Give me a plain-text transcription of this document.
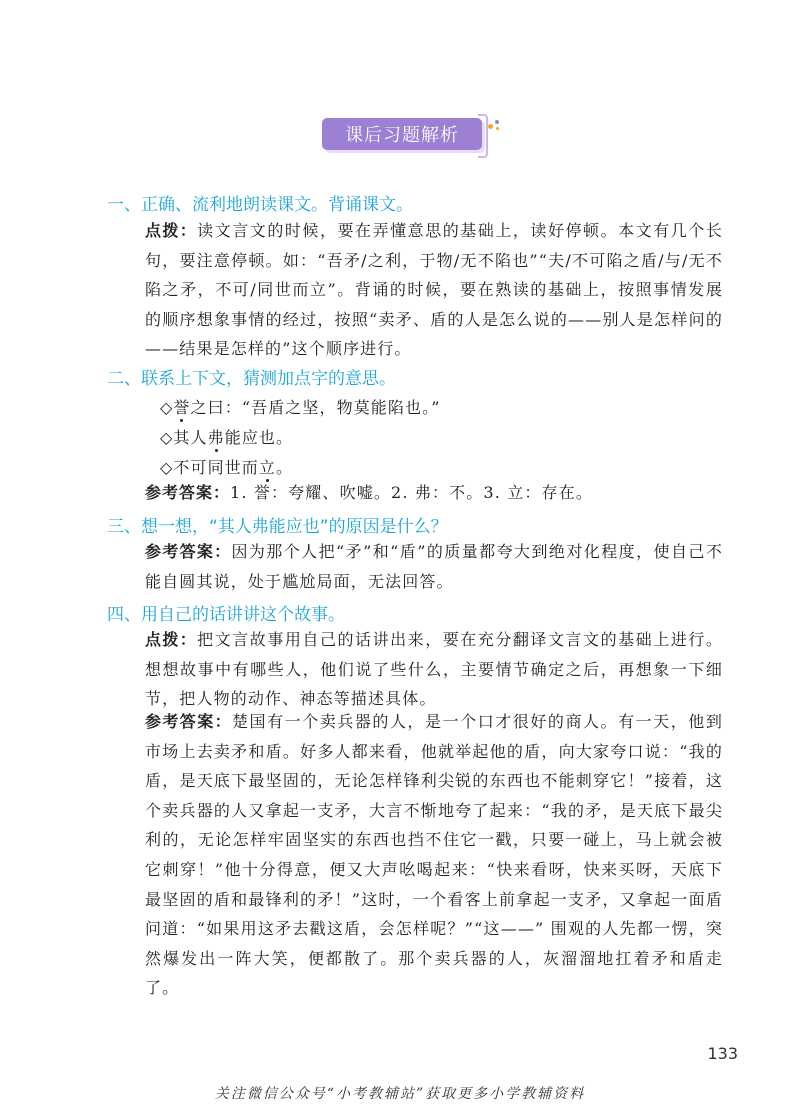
课后习题解析
一、正确、流利地朗读课文。背诵课文。

点拨：读文言文的时候，要在弄懂意思的基础上，读好停顿。本文有几个长句，要注意停顿。如：“吾矛/之利，于物/无不陷也”“夫/不可陷之盾/与/无不陷之矛，不可/同世而立”。背诵的时候，要在熟读的基础上，按照事情发展的顺序想象事情的经过，按照“卖矛、盾的人是怎么说的——别人是怎样问的——结果是怎样的”这个顺序进行。

二、联系上下文，猜测加点字的意思。
◇誉之曰：“吾盾之坚，物莫能陷也。”
◇其人弗能应也。
◇不可同世而立。

参考答案：1. 誉：夸耀、吹嘘。2. 弗：不。3. 立：存在。

三、想一想，“其人弗能应也”的原因是什么？

参考答案：因为那个人把“矛”和“盾”的质量都夸大到绝对化程度，使自己不能自圆其说，处于尴尬局面，无法回答。

四、用自己的话讲讲这个故事。

点拨：把文言故事用自己的话讲出来，要在充分翻译文言文的基础上进行。想想故事中有哪些人，他们说了些什么，主要情节确定之后，再想象一下细节，把人物的动作、神态等描述具体。

参考答案：楚国有一个卖兵器的人，是一个口才很好的商人。有一天，他到市场上去卖矛和盾。好多人都来看，他就举起他的盾，向大家夸口说：“我的盾，是天底下最坚固的，无论怎样锋利尖锐的东西也不能刺穿它！”接着，这个卖兵器的人又拿起一支矛，大言不惭地夸了起来：“我的矛，是天底下最尖利的，无论怎样牢固坚实的东西也挡不住它一戳，只要一碰上，马上就会被它刺穿！”他十分得意，便又大声吆喝起来：“快来看呀，快来买呀，天底下最坚固的盾和最锋利的矛！”这时，一个看客上前拿起一支矛，又拿起一面盾问道：“如果用这矛去戳这盾，会怎样呢？”“这——” 围观的人先都一愣，突然爆发出一阵大笑，便都散了。那个卖兵器的人，灰溜溜地扛着矛和盾走了。

133
关注微信公众号“小考教辅站”获取更多小学教辅资料
